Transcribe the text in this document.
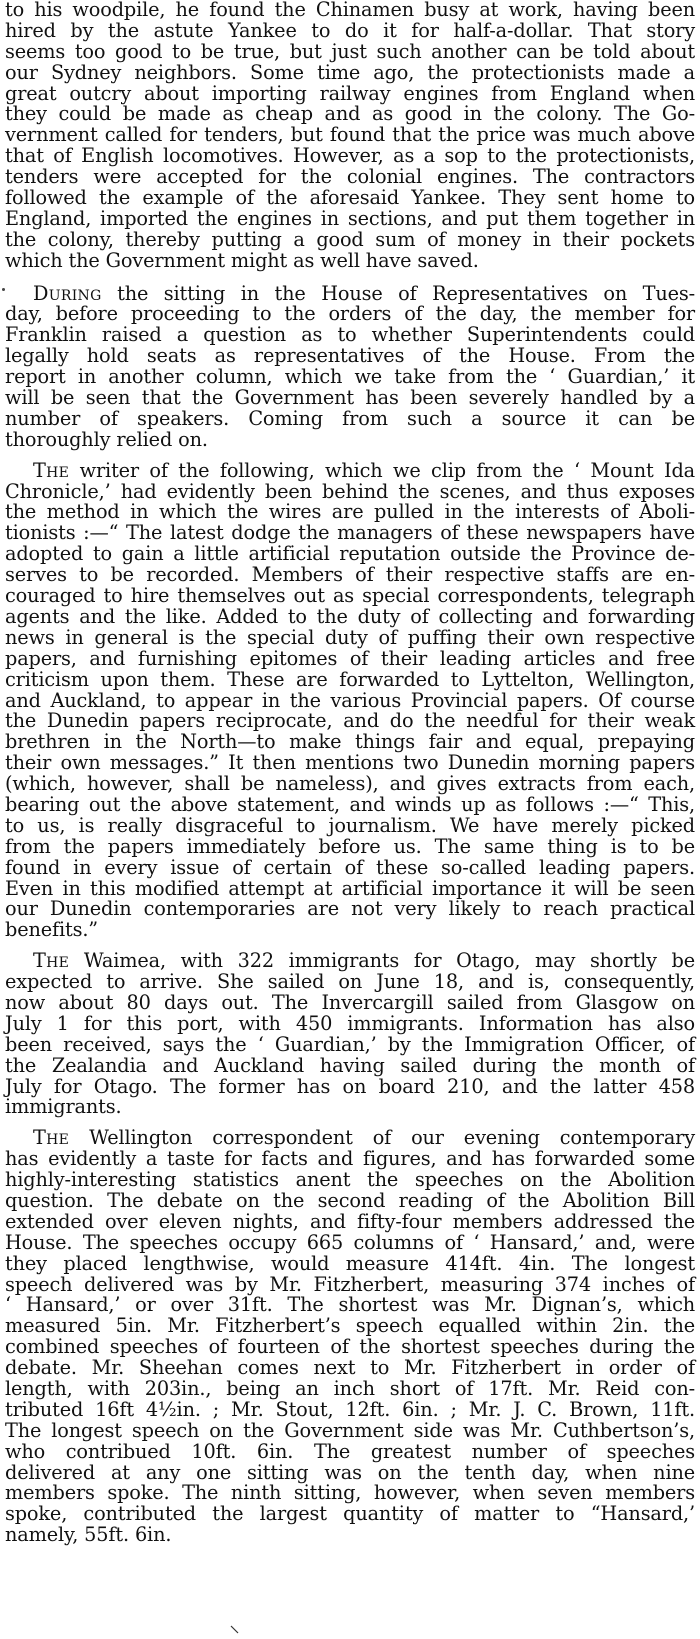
to his woodpile, he found the Chinamen busy at work, having been
hired by the astute Yankee to do it for half-a-dollar. That story
seems too good to be true, but just such another can be told about
our Sydney neighbors. Some time ago, the protectionists made a
great outcry about importing railway engines from England when
they could be made as cheap and as good in the colony. The Go-
vernment called for tenders, but found that the price was much above
that of English locomotives. However, as a sop to the protectionists,
tenders were accepted for the colonial engines. The contractors
followed the example of the aforesaid Yankee. They sent home to
England, imported the engines in sections, and put them together in
the colony, thereby putting a good sum of money in their pockets
which the Government might as well have saved.
During the sitting in the House of Representatives on Tues-
day, before proceeding to the orders of the day, the member for
Franklin raised a question as to whether Superintendents could
legally hold seats as representatives of the House. From the
report in another column, which we take from the ‘ Guardian,’ it
will be seen that the Government has been severely handled by a
number of speakers. Coming from such a source it can be
thoroughly relied on.
The writer of the following, which we clip from the ‘ Mount Ida
Chronicle,’ had evidently been behind the scenes, and thus exposes
the method in which the wires are pulled in the interests of Aboli-
tionists :—“ The latest dodge the managers of these newspapers have
adopted to gain a little artificial reputation outside the Province de-
serves to be recorded. Members of their respective staffs are en-
couraged to hire themselves out as special correspondents, telegraph
agents and the like. Added to the duty of collecting and forwarding
news in general is the special duty of puffing their own respective
papers, and furnishing epitomes of their leading articles and free
criticism upon them. These are forwarded to Lyttelton, Wellington,
and Auckland, to appear in the various Provincial papers. Of course
the Dunedin papers reciprocate, and do the needful for their weak
brethren in the North—to make things fair and equal, prepaying
their own messages.” It then mentions two Dunedin morning papers
(which, however, shall be nameless), and gives extracts from each,
bearing out the above statement, and winds up as follows :—“ This,
to us, is really disgraceful to journalism. We have merely picked
from the papers immediately before us. The same thing is to be
found in every issue of certain of these so-called leading papers.
Even in this modified attempt at artificial importance it will be seen
our Dunedin contemporaries are not very likely to reach practical
benefits.”
The Waimea, with 322 immigrants for Otago, may shortly be
expected to arrive. She sailed on June 18, and is, consequently,
now about 80 days out. The Invercargill sailed from Glasgow on
July 1 for this port, with 450 immigrants. Information has also
been received, says the ‘ Guardian,’ by the Immigration Officer, of
the Zealandia and Auckland having sailed during the month of
July for Otago. The former has on board 210, and the latter 458
immigrants.
The Wellington correspondent of our evening contemporary
has evidently a taste for facts and figures, and has forwarded some
highly-interesting statistics anent the speeches on the Abolition
question. The debate on the second reading of the Abolition Bill
extended over eleven nights, and fifty-four members addressed the
House. The speeches occupy 665 columns of ‘ Hansard,’ and, were
they placed lengthwise, would measure 414ft. 4in. The longest
speech delivered was by Mr. Fitzherbert, measuring 374 inches of
‘ Hansard,’ or over 31ft. The shortest was Mr. Dignan’s, which
measured 5in. Mr. Fitzherbert’s speech equalled within 2in. the
combined speeches of fourteen of the shortest speeches during the
debate. Mr. Sheehan comes next to Mr. Fitzherbert in order of
length, with 203in., being an inch short of 17ft. Mr. Reid con-
tributed 16ft 4½in. ; Mr. Stout, 12ft. 6in. ; Mr. J. C. Brown, 11ft.
The longest speech on the Government side was Mr. Cuthbertson’s,
who contribued 10ft. 6in. The greatest number of speeches
delivered at any one sitting was on the tenth day, when nine
members spoke. The ninth sitting, however, when seven members
spoke, contributed the largest quantity of matter to “Hansard,’
namely, 55ft. 6in.
